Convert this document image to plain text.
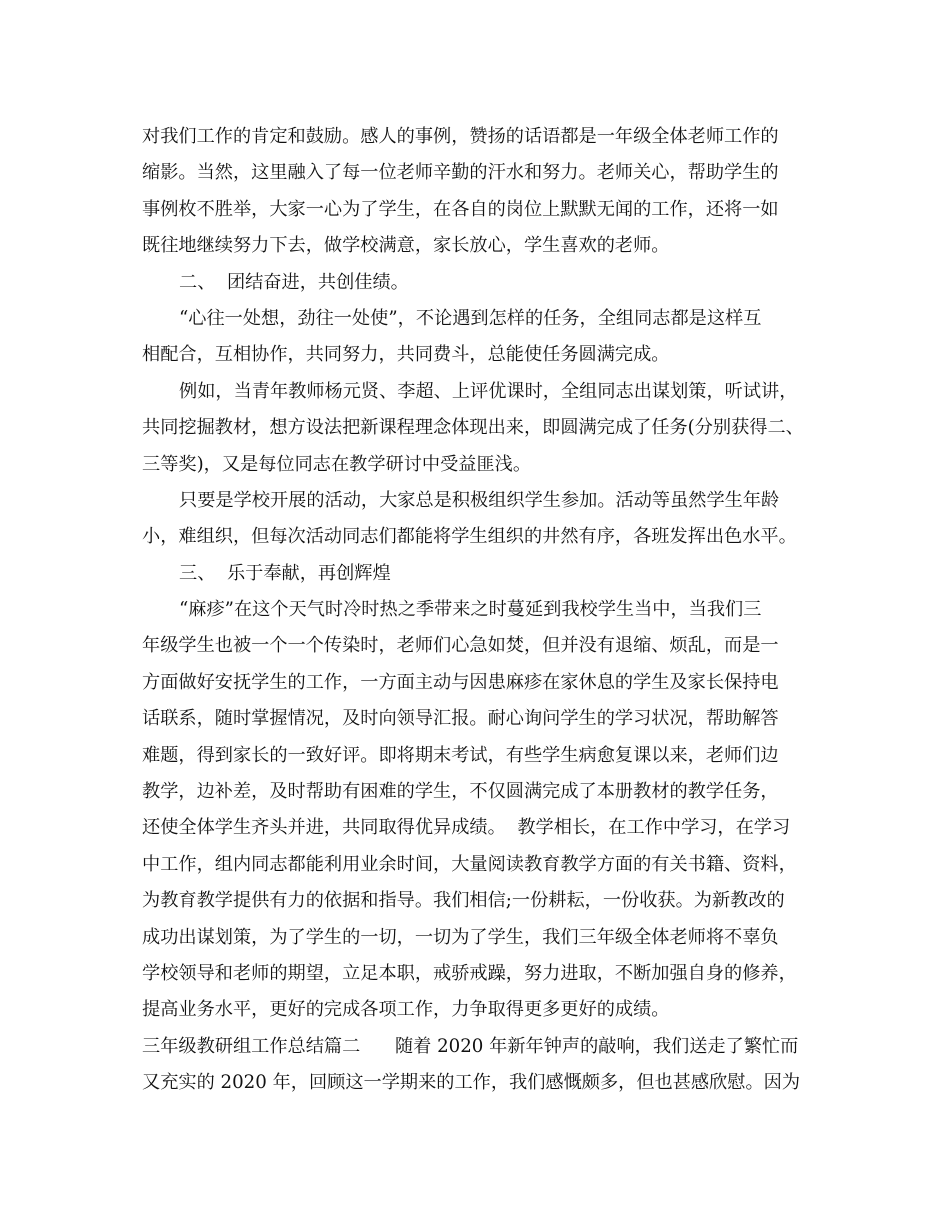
对我们工作的肯定和鼓励。感人的事例，赞扬的话语都是一年级全体老师工作的
缩影。当然，这里融入了每一位老师辛勤的汗水和努力。老师关心，帮助学生的
事例枚不胜举，大家一心为了学生，在各自的岗位上默默无闻的工作，还将一如
既往地继续努力下去，做学校满意，家长放心，学生喜欢的老师。
二、  团结奋进，共创佳绩。
“心往一处想，劲往一处使”，不论遇到怎样的任务，全组同志都是这样互
相配合，互相协作，共同努力，共同费斗，总能使任务圆满完成。
例如，当青年教师杨元贤、李超、上评优课时，全组同志出谋划策，听试讲，
共同挖掘教材，想方设法把新课程理念体现出来，即圆满完成了任务(分别获得二、
三等奖)，又是每位同志在教学研讨中受益匪浅。
只要是学校开展的活动，大家总是积极组织学生参加。活动等虽然学生年龄
小，难组织，但每次活动同志们都能将学生组织的井然有序，各班发挥出色水平。
三、  乐于奉献，再创辉煌
“麻疹”在这个天气时冷时热之季带来之时蔓延到我校学生当中，当我们三
年级学生也被一个一个传染时，老师们心急如焚，但并没有退缩、烦乱，而是一
方面做好安抚学生的工作，一方面主动与因患麻疹在家休息的学生及家长保持电
话联系，随时掌握情况，及时向领导汇报。耐心询问学生的学习状况，帮助解答
难题，得到家长的一致好评。即将期末考试，有些学生病愈复课以来，老师们边
教学，边补差，及时帮助有困难的学生，不仅圆满完成了本册教材的教学任务，
还使全体学生齐头并进，共同取得优异成绩。  教学相长，在工作中学习，在学习
中工作，组内同志都能利用业余时间，大量阅读教育教学方面的有关书籍、资料，
为教育教学提供有力的依据和指导。我们相信;一份耕耘，一份收获。为新教改的
成功出谋划策，为了学生的一切，一切为了学生，我们三年级全体老师将不辜负
学校领导和老师的期望，立足本职，戒骄戒躁，努力进取，不断加强自身的修养，
提高业务水平，更好的完成各项工作，力争取得更多更好的成绩。
三年级教研组工作总结篇二      随着 2020 年新年钟声的敲响，我们送走了繁忙而
又充实的 2020 年，回顾这一学期来的工作，我们感慨颇多，但也甚感欣慰。因为
